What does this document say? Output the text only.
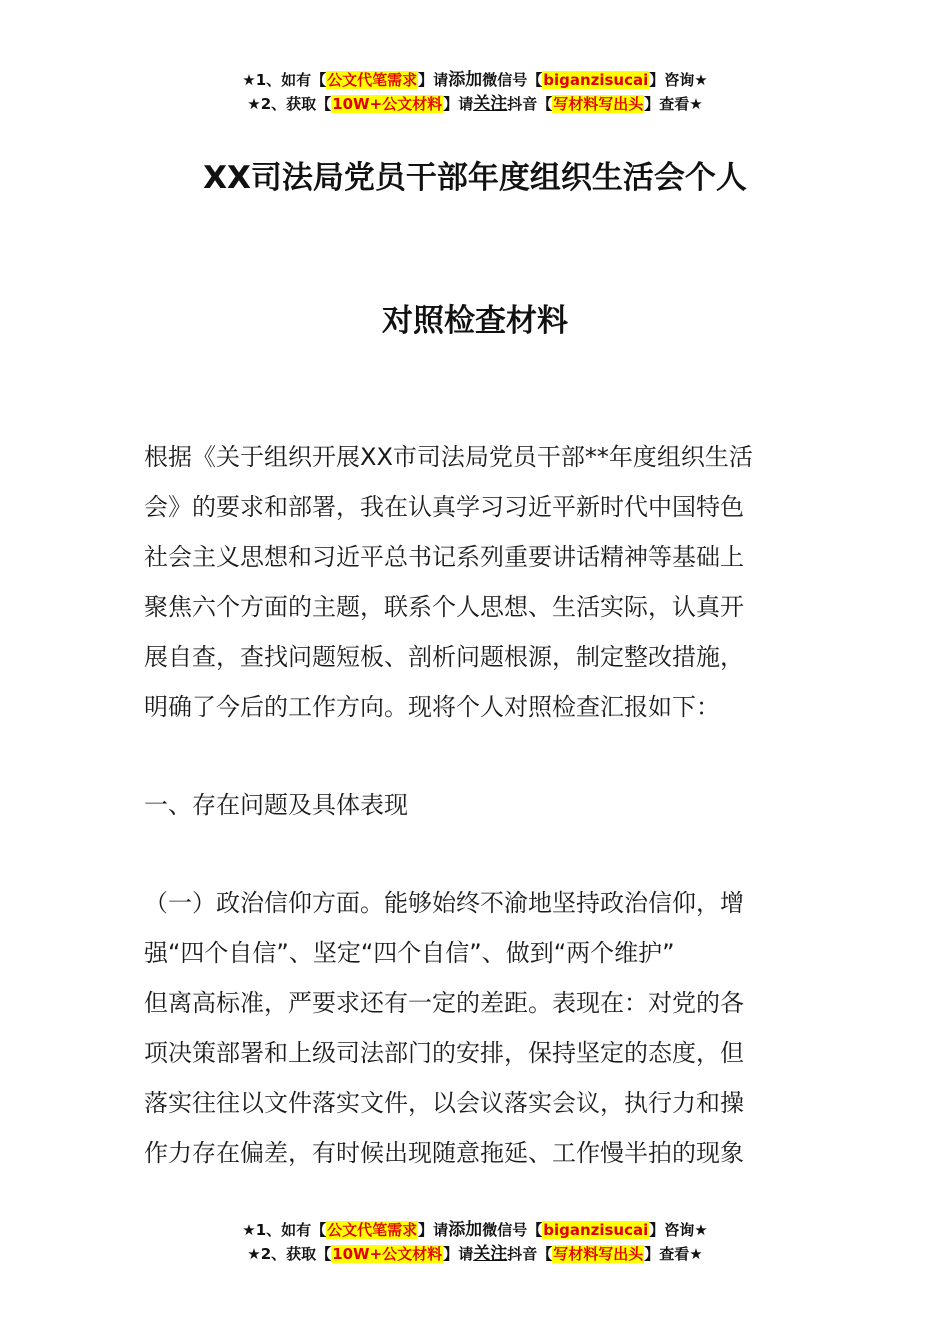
★1、如有【公文代笔需求】请添加微信号【biganzisucai】咨询★
★2、获取【10W+公文材料】请关注抖音【写材料写出头】查看★
XX司法局党员干部年度组织生活会个人
对照检查材料
根据《关于组织开展XX市司法局党员干部**年度组织生活
会》的要求和部署，我在认真学习习近平新时代中国特色
社会主义思想和习近平总书记系列重要讲话精神等基础上
聚焦六个方面的主题，联系个人思想、生活实际，认真开
展自查，查找问题短板、剖析问题根源，制定整改措施，
明确了今后的工作方向。现将个人对照检查汇报如下：
一、存在问题及具体表现
（一）政治信仰方面。能够始终不渝地坚持政治信仰，增
强“四个自信”、坚定“四个自信”、做到“两个维护”
但离高标准，严要求还有一定的差距。表现在：对党的各
项决策部署和上级司法部门的安排，保持坚定的态度，但
落实往往以文件落实文件，以会议落实会议，执行力和操
作力存在偏差，有时候出现随意拖延、工作慢半拍的现象
★1、如有【公文代笔需求】请添加微信号【biganzisucai】咨询★
★2、获取【10W+公文材料】请关注抖音【写材料写出头】查看★
